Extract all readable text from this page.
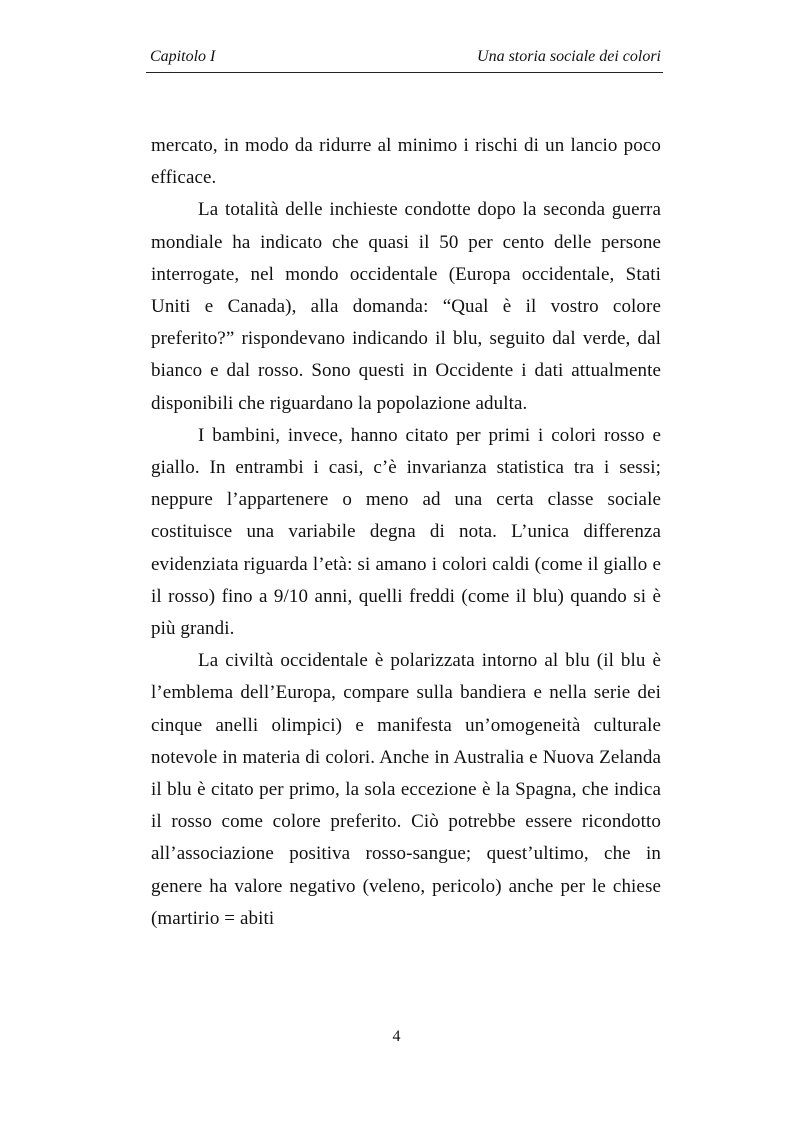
Capitolo I	Una storia sociale dei colori

mercato, in modo da ridurre al minimo i rischi di un lancio poco efficace.

La totalità delle inchieste condotte dopo la seconda guerra mondiale ha indicato che quasi il 50 per cento delle persone interrogate, nel mondo occidentale (Europa occidentale, Stati Uniti e Canada), alla domanda: “Qual è il vostro colore preferito?” rispondevano indicando il blu, seguito dal verde, dal bianco e dal rosso. Sono questi in Occidente i dati attualmente disponibili che riguardano la popolazione adulta.

I bambini, invece, hanno citato per primi i colori rosso e giallo. In entrambi i casi, c’è invarianza statistica tra i sessi; neppure l’appartenere o meno ad una certa classe sociale costituisce una variabile degna di nota. L’unica differenza evidenziata riguarda l’età: si amano i colori caldi (come il giallo e il rosso) fino a 9/10 anni, quelli freddi (come il blu) quando si è più grandi.

La civiltà occidentale è polarizzata intorno al blu (il blu è l’emblema dell’Europa, compare sulla bandiera e nella serie dei cinque anelli olimpici) e manifesta un’omogeneità culturale notevole in materia di colori. Anche in Australia e Nuova Zelanda il blu è citato per primo, la sola eccezione è la Spagna, che indica il rosso come colore preferito. Ciò potrebbe essere ricondotto all’associazione positiva rosso-sangue; quest’ultimo, che in genere ha valore negativo (veleno, pericolo) anche per le chiese (martirio = abiti

4
